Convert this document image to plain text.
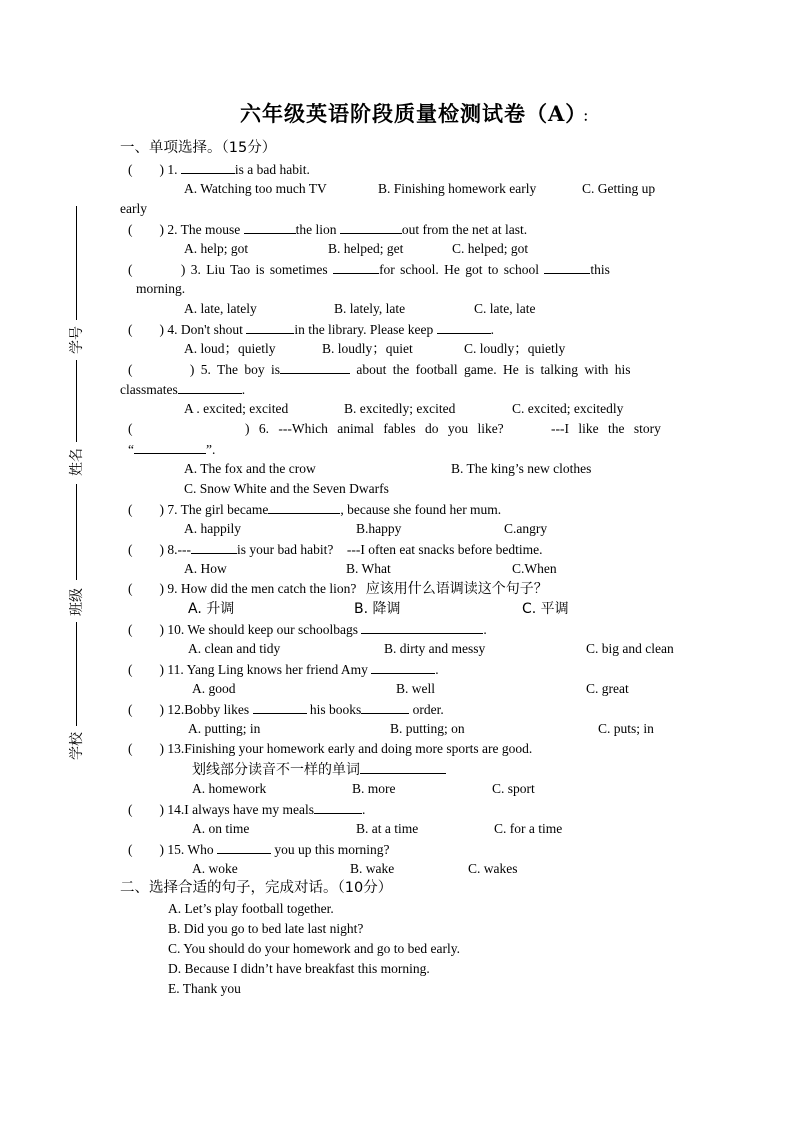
六年级英语阶段质量检测试卷（A） ：
学号
姓名
班级
学校
一、单项选择。（15分）
(        ) 1.	is a bad habit.
A. Watching too much TV	B. Finishing homework early	C. Getting up
early
(        ) 2. The mouse	the lion	out from the net at last.
A. help; got	B. helped; get	C. helped; got
(         ) 3. Liu Tao is sometimes	for school. He got to school	this
morning.
A. late, lately	B. lately, late	C. late, late
(        ) 4. Don't shout	in the library. Please keep	.
A. loud；quietly	B. loudly；quiet	C. loudly；quietly
(         ) 5. The boy is	about the football game. He is talking with his
classmates	.
A . excited; excited	B. excitedly; excited	C. excited; excitedly
(            ) 6. ---Which animal fables do you like?	---I like the story
“	”.
A. The fox and the crow	B. The king’s new clothes
C. Snow White and the Seven Dwarfs
(        ) 7. The girl became	, because she found her mum.
A. happily	B.happy	C.angry
(        ) 8.---	is your bad habit?    ---I often eat snacks before bedtime.
A. How	B. What	C.When
(        ) 9. How did the men catch the lion? 应该用什么语调读这个句子？
A. 升调	B. 降调	C. 平调
(        ) 10. We should keep our schoolbags	.
A. clean and tidy	B. dirty and messy	C. big and clean
(        ) 11. Yang Ling knows her friend Amy	.
A. good	B. well	C. great
(        ) 12.Bobby likes	his books	order.
A. putting; in	B. putting; on	C. puts; in
(        ) 13.Finishing your homework early and doing more sports are good.
划线部分读音不一样的单词
A. homework	B. more	C. sport
(        ) 14.I always have my meals	.
A. on time	B. at a time	C. for a time
(        ) 15. Who	you up this morning?
A. woke	B. wake	C. wakes
二、选择合适的句子，完成对话。（10分）
A. Let’s play football together.
B. Did you go to bed late last night?
C. You should do your homework and go to bed early.
D. Because I didn’t have breakfast this morning.
E. Thank you
